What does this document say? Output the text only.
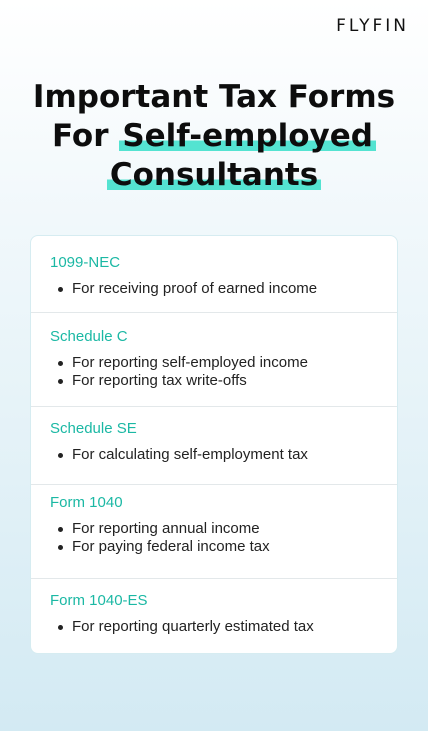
FLYFIN
Important Tax Forms
For Self-employed
Consultants
1099-NEC
For receiving proof of earned income
Schedule C
For reporting self-employed income
For reporting tax write-offs
Schedule SE
For calculating self-employment tax
Form 1040
For reporting annual income
For paying federal income tax
Form 1040-ES
For reporting quarterly estimated tax
